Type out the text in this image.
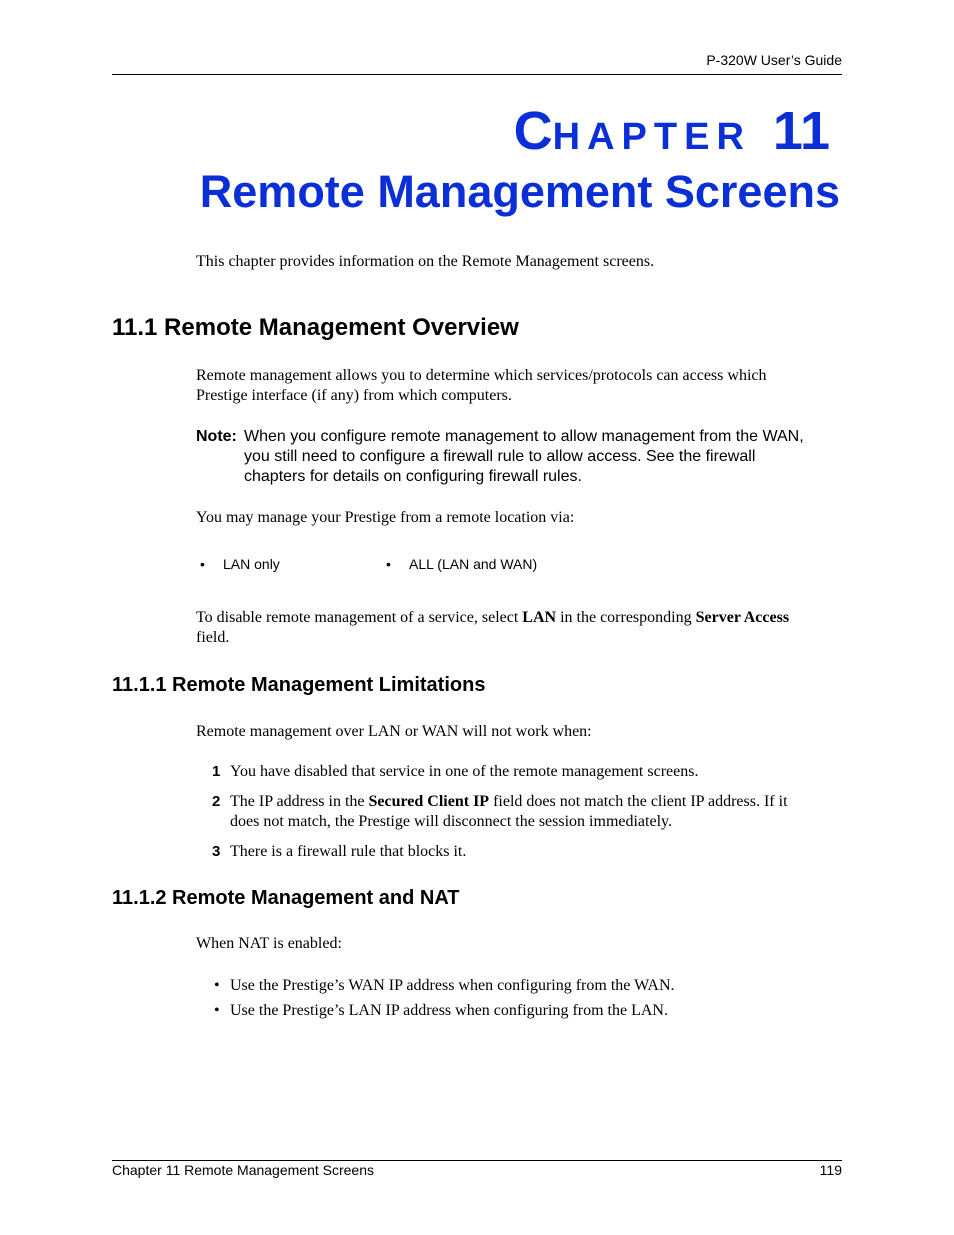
P-320W User’s Guide
CHAPTER 11
Remote Management Screens
This chapter provides information on the Remote Management screens.
11.1 Remote Management Overview
Remote management allows you to determine which services/protocols can access which
Prestige interface (if any) from which computers.
Note: When you configure remote management to allow management from the WAN,
you still need to configure a firewall rule to allow access. See the firewall
chapters for details on configuring firewall rules.
You may manage your Prestige from a remote location via:
• LAN only	• ALL (LAN and WAN)
To disable remote management of a service, select LAN in the corresponding Server Access
field.
11.1.1 Remote Management Limitations
Remote management over LAN or WAN will not work when:
1 You have disabled that service in one of the remote management screens.
2 The IP address in the Secured Client IP field does not match the client IP address. If it
does not match, the Prestige will disconnect the session immediately.
3 There is a firewall rule that blocks it.
11.1.2 Remote Management and NAT
When NAT is enabled:
• Use the Prestige’s WAN IP address when configuring from the WAN.
• Use the Prestige’s LAN IP address when configuring from the LAN.
Chapter 11 Remote Management Screens	119
